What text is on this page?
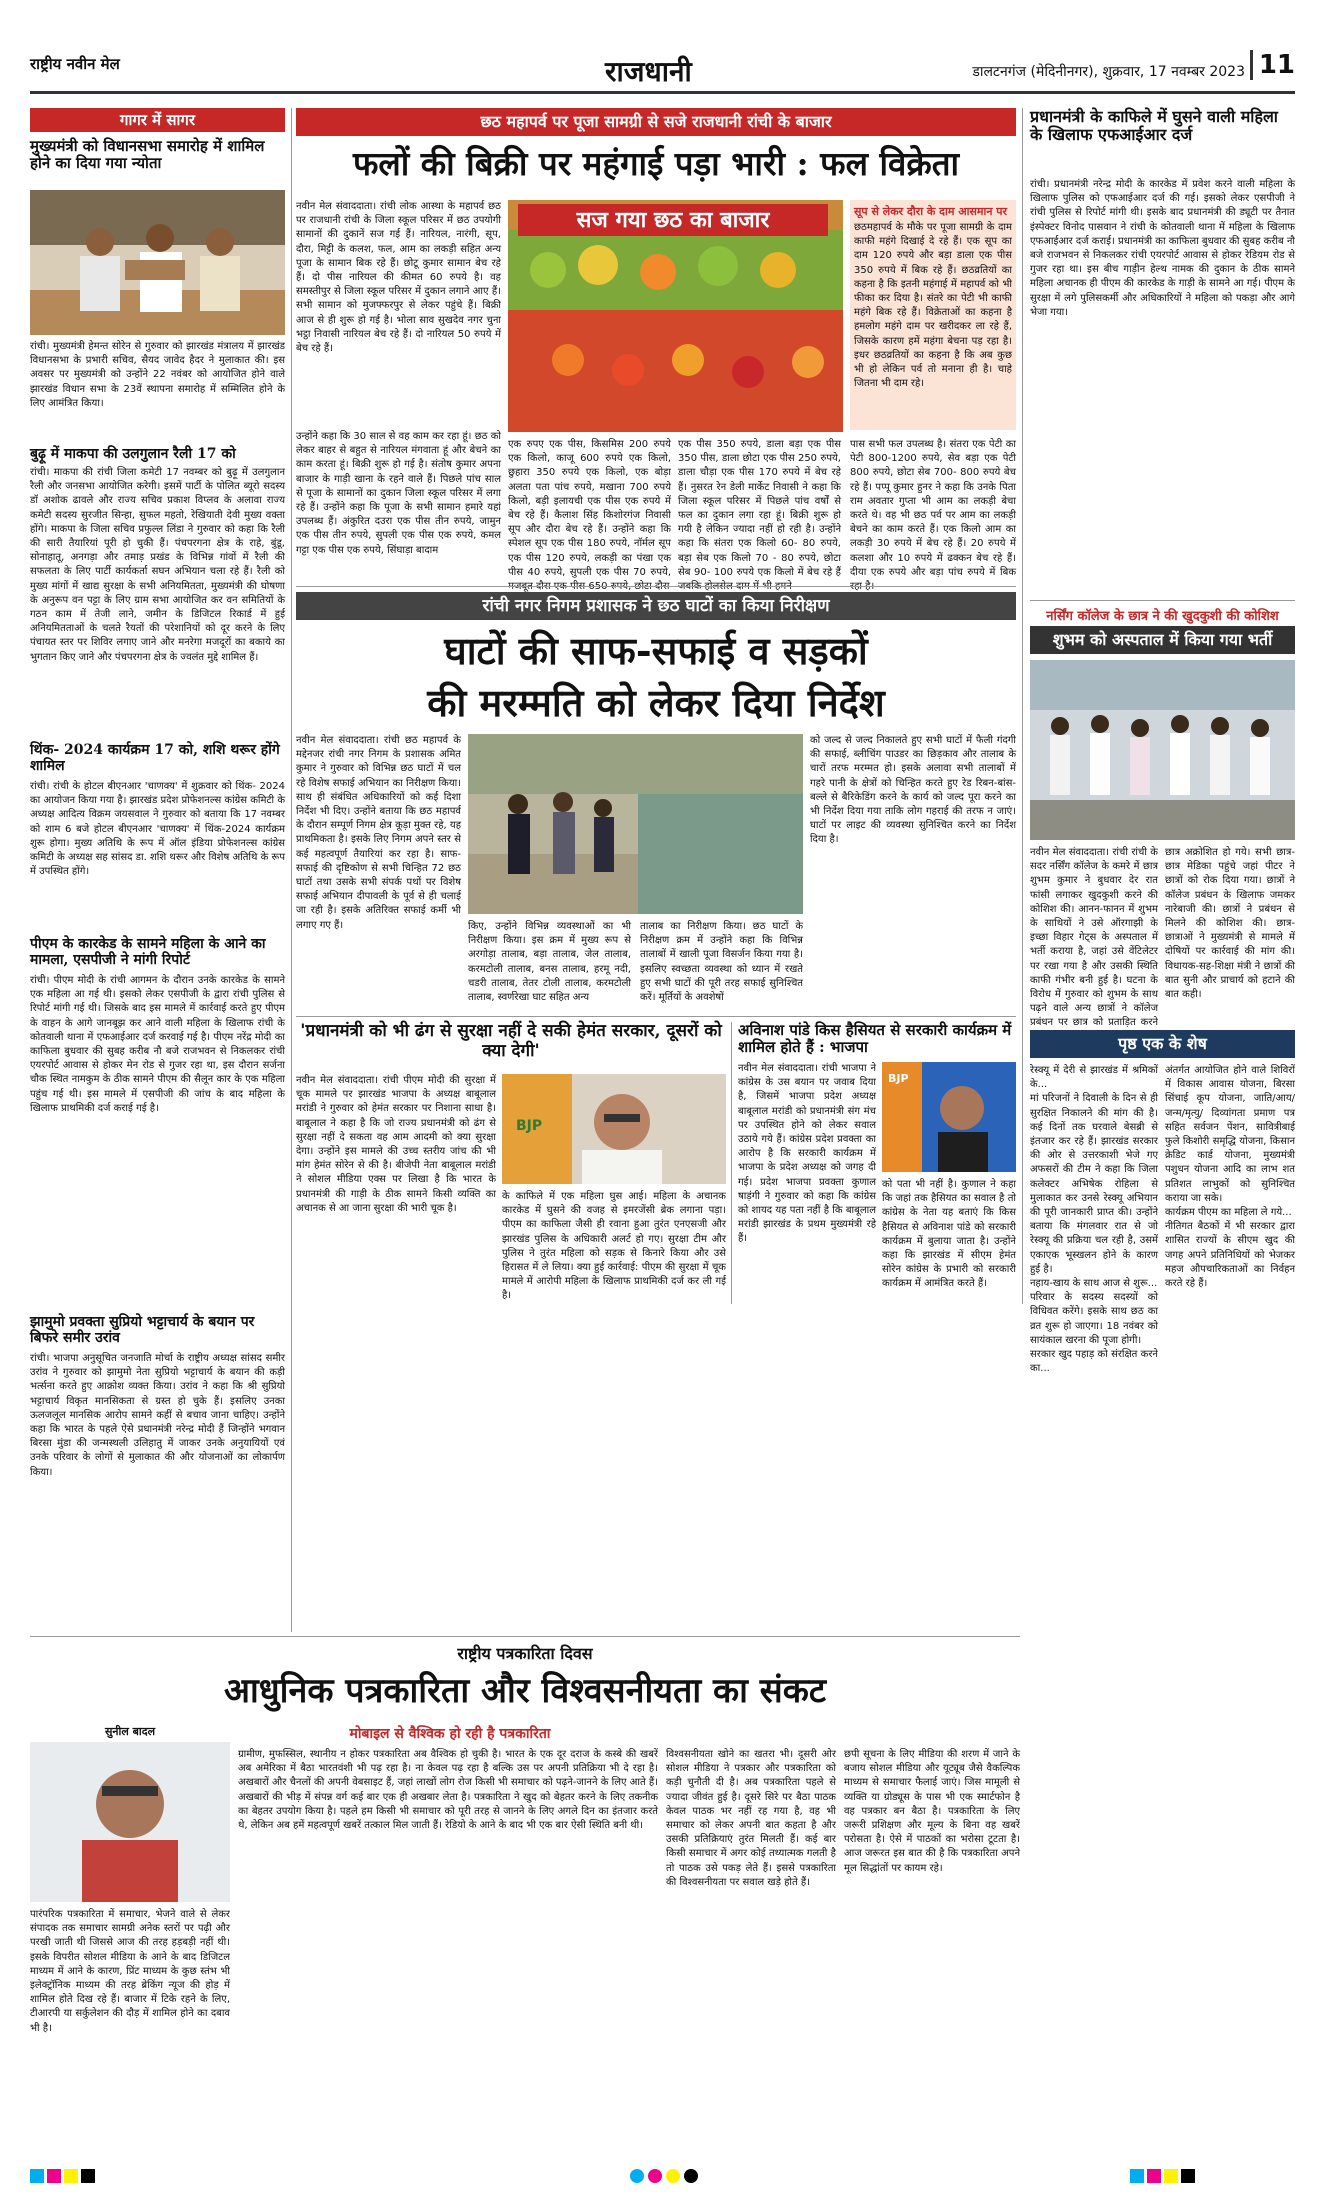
राष्ट्रीय नवीन मेल	राजधानी	डालटनगंज (मेदिनीनगर), शुक्रवार, 17 नवम्बर 2023 11
गागर में सागर
मुख्यमंत्री को विधानसभा समारोह में शामिल होने का दिया गया न्योता
रांची। मुख्यमंत्री हेमन्त सोरेन से गुरुवार को झारखंड मंत्रालय में झारखंड विधानसभा के प्रभारी सचिव, सैयद जावेद हैदर ने मुलाकात की। इस अवसर पर मुख्यमंत्री को उन्होंने 22 नवंबर को आयोजित होने वाले झारखंड विधान सभा के 23वें स्थापना समारोह में सम्मिलित होने के लिए आमंत्रित किया।
बुढ़ू में माकपा की उलगुलान रैली 17 को
रांची। माकपा की रांची जिला कमेटी 17 नवम्बर को बुढ़ू में उलगुलान रैली और जनसभा आयोजित करेगी। इसमें पार्टी के पोलित ब्यूरो सदस्य डॉ अशोक ढावले और राज्य सचिव प्रकाश विप्लव के अलावा राज्य कमेटी सदस्य सुरजीत सिन्हा, सुफल महतो, रेखियाती देवी मुख्य वक्ता होंगे। माकपा के जिला सचिव प्रफुल्ल लिंडा ने गुरुवार को कहा कि रैली की सारी तैयारियां पूरी हो चुकी हैं। पंचपरगना क्षेत्र के राहे, बुंडू, सोनाहातू, अनगड़ा और तमाड़ प्रखंड के विभिन्न गांवों में रैली की सफलता के लिए पार्टी कार्यकर्ता सघन अभियान चला रहे हैं। रैली को मुख्य मांगों में खाद्य सुरक्षा के सभी अनियमितता, मुख्यमंत्री की घोषणा के अनुरूप वन पट्टा के लिए ग्राम सभा आयोजित कर वन समितियों के गठन काम में तेजी लाने, जमीन के डिजिटल रिकार्ड में हुई अनियमितताओं के चलते रैयतों की परेशानियों को दूर करने के लिए पंचायत स्तर पर शिविर लगाए जाने और मनरेगा मजदूरों का बकाये का भुगतान किए जाने और पंचपरगना क्षेत्र के ज्वलंत मुद्दे शामिल हैं।
थिंक- 2024 कार्यक्रम 17 को, शशि थरूर होंगे शामिल
रांची। रांची के होटल बीएनआर 'चाणक्य' में शुक्रवार को थिंक- 2024 का आयोजन किया गया है। झारखंड प्रदेश प्रोफेशनल्स कांग्रेस कमिटी के अध्यक्ष आदित्य विक्रम जयसवाल ने गुरुवार को बताया कि 17 नवम्बर को शाम 6 बजे होटल बीएनआर 'चाणक्य' में थिंक-2024 कार्यक्रम शुरू होगा। मुख्य अतिथि के रूप में ऑल इंडिया प्रोफेशनल्स कांग्रेस कमिटी के अध्यक्ष सह सांसद डा. शशि थरूर और विशेष अतिथि के रूप में उपस्थित होंगे।
पीएम के कारकेड के सामने महिला के आने का मामला, एसपीजी ने मांगी रिपोर्ट
रांची। पीएम मोदी के रांची आगमन के दौरान उनके कारकेड के सामने एक महिला आ गई थी। इसको लेकर एसपीजी के द्वारा रांची पुलिस से रिपोर्ट मांगी गई थी। जिसके बाद इस मामले में कार्रवाई करते हुए पीएम के वाहन के आगे जानबूझ कर आने वाली महिला के खिलाफ रांची के कोतवाली थाना में एफआईआर दर्ज करवाई गई है। पीएम नरेंद्र मोदी का काफिला बुधवार की सुबह करीब नौ बजे राजभवन से निकलकर रांची एयरपोर्ट आवास से होकर मेन रोड से गुजर रहा था, इस दौरान सर्जना चौक स्थित नामकुम के ठीक सामने पीएम की सैलून कार के एक महिला पहुंच गई थी। इस मामले में एसपीजी की जांच के बाद महिला के खिलाफ प्राथमिकी दर्ज कराई गई है।
झामुमो प्रवक्ता सुप्रियो भट्टाचार्य के बयान पर बिफरे समीर उरांव
रांची। भाजपा अनुसूचित जनजाति मोर्चा के राष्ट्रीय अध्यक्ष सांसद समीर उरांव ने गुरुवार को झामुमो नेता सुप्रियो भट्टाचार्य के बयान की कड़ी भर्त्सना करते हुए आक्रोश व्यक्त किया। उरांव ने कहा कि श्री सुप्रियो भट्टाचार्य विकृत मानसिकता से ग्रस्त हो चुके हैं। इसलिए उनका ऊलजलूल मानसिक आरोप सामने कहीं से बचाव जाना चाहिए। उन्होंने कहा कि भारत के पहले ऐसे प्रधानमंत्री नरेन्द्र मोदी हैं जिन्होंने भगवान बिरसा मुंडा की जन्मस्थली उलिहातु में जाकर उनके अनुयायियों एवं उनके परिवार के लोगों से मुलाकात की और योजनाओं का लोकार्पण किया।
छठ महापर्व पर पूजा सामग्री से सजे राजधानी रांची के बाजार
फलों की बिक्री पर महंगाई पड़ा भारी : फल विक्रेता
नवीन मेल संवाददाता। रांची लोक आस्था के महापर्व छठ पर राजधानी रांची के जिला स्कूल परिसर में छठ उपयोगी सामानों की दुकानें सज गई हैं। नारियल, नारंगी, सूप, दौरा, मिट्टी के कलश, फल, आम का लकड़ी सहित अन्य पूजा के सामान बिक रहे हैं। छोटू कुमार सामान बेच रहे हैं। दो पीस नारियल की कीमत 60 रुपये है। वह समस्तीपुर से जिला स्कूल परिसर में दुकान लगाने आए हैं। सभी सामान को मुजफ्फरपुर से लेकर पहुंचे हैं। बिक्री आज से ही शुरू हो गई है। भोला साव सुखदेव नगर चुना भट्ठा निवासी नारियल बेच रहे हैं। दो नारियल 50 रुपये में बेच रहे हैं।
सज गया छठ का बाजार
उन्होंने कहा कि 30 साल से वह काम कर रहा हूं। छठ को लेकर बाहर से बहुत से नारियल मंगवाता हूं और बेचने का काम करता हूं। बिक्री शुरू हो गई है। संतोष कुमार अपना बाजार के गाड़ी खाना के रहने वाले हैं। पिछले पांच साल से पूजा के सामानों का दुकान जिला स्कूल परिसर में लगा रहे हैं। उन्होंने कहा कि पूजा के सभी सामान हमारे यहां उपलब्ध हैं। अंकुरित दउरा एक पीस तीन रुपये, जामुन एक पीस तीन रुपये, सुपली एक पीस एक रुपये, कमल गट्टा एक पीस एक रुपये, सिंघाड़ा बादाम
एक रुपए एक पीस, किसमिस 200 रुपये एक किलो, काजू 600 रुपये एक किलो, छुहारा 350 रुपये एक किलो, एक बोड़ा अलता पता पांच रुपये, मखाना 700 रुपये किलो, बड़ी इलायची एक पीस एक रुपये में बेच रहे हैं। कैलाश सिंह किशोरगंज निवासी सूप और दौरा बेच रहे हैं। उन्होंने कहा कि स्पेशल सूप एक पीस 180 रुपये, नॉर्मल सूप एक पीस 120 रुपये, लकड़ी का पंखा एक पीस 40 रुपये, सुपली एक पीस 70 रुपये,
एक पीस 350 रुपये, डाला बड़ा एक पीस 350 पीस, डाला छोटा एक पीस 250 रुपये, डाला चौड़ा एक पीस 170 रुपये में बेच रहे हैं। नुसरत रेन डेली मार्केट निवासी ने कहा कि जिला स्कूल परिसर में पिछले पांच वर्षों से फल का दुकान लगा रहा हूं। बिक्री शुरू हो गयी है लेकिन ज्यादा नहीं हो रही है। उन्होंने कहा कि संतरा एक किलो 60- 80 रुपये, बड़ा सेब एक किलो 70 - 80 रुपये, छोटा सेब 90- 100 रुपये एक किलो में बेच रहे हैं
सूप से लेकर दौरा के दाम आसमान पर
छठमहापर्व के मौके पर पूजा सामग्री के दाम काफी महंगे दिखाई दे रहे हैं। एक सूप का दाम 120 रुपये और बड़ा डाला एक पीस 350 रुपये में बिक रहे हैं। छठव्रतियों का कहना है कि इतनी महंगाई में महापर्व को भी फीका कर दिया है। संतरे का पेटी भी काफी महंगे बिक रहे हैं। विक्रेताओं का कहना है हमलोग महंगे दाम पर खरीदकर ला रहे हैं, जिसके कारण हमें महंगा बेचना पड़ रहा है। इधर छठव्रतियों का कहना है कि अब कुछ भी हो लेकिन पर्व तो मनाना ही है। चाहे जितना भी दाम रहे।
पास सभी फल उपलब्ध है। संतरा एक पेटी का पेटी 800-1200 रुपये, सेव बड़ा एक पेटी 800 रुपये, छोटा सेब 700- 800 रुपये बेच रहे हैं। पप्पू कुमार हुनर ने कहा कि उनके पिता राम अवतार गुप्ता भी आम का लकड़ी बेचा करते थे। वह भी छठ पर्व पर आम का लकड़ी बेचने का काम करते हैं। एक किलो आम का लकड़ी 30 रुपये में बेच रहे हैं। 20 रुपये में कलशा और 10 रुपये में ढक्कन बेच रहे हैं। दीया एक रुपये और बड़ा पांच रुपये में बिक
प्रधानमंत्री के काफिले में घुसने वाली महिला के खिलाफ एफआईआर दर्ज
रांची। प्रधानमंत्री नरेन्द्र मोदी के कारकेड में प्रवेश करने वाली महिला के खिलाफ पुलिस को एफआईआर दर्ज की गई। इसको लेकर एसपीजी ने रांची पुलिस से रिपोर्ट मांगी थी। इसके बाद प्रधानमंत्री की ड्यूटी पर तैनात इंस्पेक्टर विनोद पासवान ने रांची के कोतवाली थाना में महिला के खिलाफ एफआईआर दर्ज कराई। प्रधानमंत्री का काफिला बुधवार की सुबह करीब नौ बजे राजभवन से निकलकर रांची एयरपोर्ट आवास से होकर रेडियम रोड से गुजर रहा था। इस बीच गाड़ीन हेल्थ नामक की दुकान के ठीक सामने महिला अचानक ही पीएम की कारकेड के गाड़ी के सामने आ गई। पीएम के सुरक्षा में लगे पुलिसकर्मी और अधिकारियों ने महिला को पकड़ा और आगे भेजा गया।
रांची नगर निगम प्रशासक ने छठ घाटों का किया निरीक्षण
घाटों की साफ-सफाई व सड़कों
की मरम्मति को लेकर दिया निर्देश
नवीन मेल संवाददाता। रांची छठ महापर्व के मद्देनजर रांची नगर निगम के प्रशासक अमित कुमार ने गुरुवार को विभिन्न छठ घाटों में चल रहे विशेष सफाई अभियान का निरीक्षण किया। साथ ही संबंधित अधिकारियों को कई दिशा निर्देश भी दिए। उन्होंने बताया कि छठ महापर्व के दौरान सम्पूर्ण निगम क्षेत्र कूड़ा मुक्त रहे, यह प्राथमिकता है। इसके लिए निगम अपने स्तर से कई महत्वपूर्ण तैयारियां कर रहा है। साफ-सफाई की दृष्टिकोण से सभी चिन्हित 72 छठ घाटों तथा उसके सभी संपर्क पथों पर विशेष सफाई अभियान दीपावली के पूर्व से ही चलाई जा रही है। इसके अतिरिक्त सफाई कर्मी भी लगाए गए हैं।	किए, उन्होंने विभिन्न व्यवस्थाओं का भी निरीक्षण किया। इस क्रम में मुख्य रूप से अरगोड़ा तालाब, बड़ा तालाब, जेल तालाब, करमटोली तालाब, बनस तालाब, हरमू नदी, चडरी तालाब, तेतर टोली तालाब, करमटोली तालाब, स्वर्णरेखा घाट सहित अन्य
तालाब का निरीक्षण किया। छठ घाटों के निरीक्षण क्रम में उन्होंने कहा कि विभिन्न तालाबों में खाली पूजा विसर्जन किया गया है। इसलिए स्वच्छता व्यवस्था को ध्यान में रखते हुए सभी घाटों की पूरी तरह सफाई सुनिश्चित करें। मूर्तियों के अवशेषों
को जल्द से जल्द निकालते हुए सभी घाटों में फैली गंदगी की सफाई, ब्लीचिंग पाउडर का छिड़काव और तालाब के चारों तरफ मरम्मत हो। इसके अलावा सभी तालाबों में गहरे पानी के क्षेत्रों को चिन्हित करते हुए रेड रिबन-बांस-बल्ले से बैरिकेडिंग करने के कार्य को जल्द पूरा करने का भी निर्देश दिया गया ताकि लोग गहराई की तरफ न जाएं। घाटों पर लाइट की व्यवस्था सुनिश्चित करने का निर्देश दिया है।
नर्सिंग कॉलेज के छात्र ने की खुदकुशी की कोशिश
शुभम को अस्पताल में किया गया भर्ती
नवीन मेल संवाददाता। रांची रांची के सदर नर्सिंग कॉलेज के कमरे में छात्र शुभम कुमार ने बुधवार देर रात फांसी लगाकर खुदकुशी करने की कोशिश की। आनन-फानन में शुभम के साथियों ने उसे ऑरगाझी के इच्छा विहार गेट्स के अस्पताल में भर्ती कराया है, जहां उसे वेंटिलेटर पर रखा गया है और उसकी स्थिति काफी गंभीर बनी हुई है। घटना के विरोध में गुरुवार को शुभम के साथ पढ़ने वाले अन्य छात्रों ने कॉलेज प्रबंधन पर छात्र को प्रताड़ित करने
छात्र अक्रोशित हो गये। सभी छात्र-छात्र मेडिका पहुंचे जहां पीटर ने छात्रों को रोक दिया गया। छात्रों ने कॉलेज प्रबंधन के खिलाफ जमकर नारेबाजी की। छात्रों ने प्रबंधन से मिलने की कोशिश की। छात्र-छात्राओं ने मुख्यमंत्री से मामले में दोषियों पर कार्रवाई की मांग की। विधायक-सह-शिक्षा मंत्री ने छात्रों की बात सुनी और प्राचार्य को हटाने की बात कही।
'प्रधानमंत्री को भी ढंग से सुरक्षा नहीं दे सकी हेमंत सरकार, दूसरों को क्या देगी'
नवीन मेल संवाददाता। रांची पीएम मोदी की सुरक्षा में चूक मामले पर झारखंड भाजपा के अध्यक्ष बाबूलाल मरांडी ने गुरुवार को हेमंत सरकार पर निशाना साधा है। बाबूलाल ने कहा है कि जो राज्य प्रधानमंत्री को ढंग से सुरक्षा नहीं दे सकता वह आम आदमी को क्या सुरक्षा देगा। उन्होंने इस मामले की उच्च स्तरीय जांच की भी मांग हेमंत सोरेन से की है। बीजेपी नेता बाबूलाल मरांडी ने सोशल मीडिया एक्स पर लिखा है कि भारत के प्रधानमंत्री की गाड़ी के ठीक सामने किसी व्यक्ति का अचानक से आ जाना सुरक्षा की भारी चूक है।
BJP
के काफिले में एक महिला घुस आई। महिला के अचानक कारकेड में घुसने की वजह से इमरजेंसी ब्रेक लगाना पड़ा। पीएम का काफिला जैसी ही रवाना हुआ तुरंत एनएसजी और झारखंड पुलिस के अधिकारी अलर्ट हो गए। सुरक्षा टीम और पुलिस ने तुरंत महिला को सड़क से किनारे किया और उसे हिरासत में ले लिया। क्या हुई कार्रवाई: पीएम की सुरक्षा में चूक मामले में आरोपी महिला के खिलाफ प्राथमिकी दर्ज कर ली गई है।
अविनाश पांडे किस हैसियत से सरकारी कार्यक्रम में शामिल होते हैं : भाजपा
नवीन मेल संवाददाता। रांची भाजपा ने कांग्रेस के उस बयान पर जवाब दिया है, जिसमें भाजपा प्रदेश अध्यक्ष बाबूलाल मरांडी को प्रधानमंत्री संग मंच पर उपस्थित होने को लेकर सवाल उठाये गये हैं। कांग्रेस प्रदेश प्रवक्ता का आरोप है कि सरकारी कार्यक्रम में भाजपा के प्रदेश अध्यक्ष को जगह दी गई। प्रदेश भाजपा प्रवक्ता कुणाल षाड़ंगी ने गुरुवार को कहा कि कांग्रेस को शायद यह पता नहीं है कि बाबूलाल मरांडी झारखंड के प्रथम मुख्यमंत्री रहे हैं।
BJP
को पता भी नहीं है। कुणाल ने कहा कि जहां तक हैसियत का सवाल है तो कांग्रेस के नेता यह बताएं कि किस हैसियत से अविनाश पांडे को सरकारी कार्यक्रम में बुलाया जाता है। उन्होंने कहा कि झारखंड में सीएम हेमंत सोरेन कांग्रेस के प्रभारी को सरकारी कार्यक्रम में आमंत्रित करते हैं।
पृष्ठ एक के शेष
रेस्क्यू में देरी से झारखंड में श्रमिकों के...
मां परिजनों ने दिवाली के दिन से ही सुरक्षित निकालने की मांग की है। कई दिनों तक घरवाले बेसब्री से इंतजार कर रहे हैं। झारखंड सरकार की ओर से उत्तरकाशी भेजे गए अफसरों की टीम ने कहा कि जिला कलेक्टर अभिषेक रोहिला से मुलाकात कर उनसे रेस्क्यू अभियान की पूरी जानकारी प्राप्त की। उन्होंने बताया कि मंगलवार रात से जो रेस्क्यू की प्रक्रिया चल रही है, उसमें एकाएक भूस्खलन होने के कारण हुई है।
नहाय-खाय के साथ आज से शुरू...
परिवार के सदस्य सदस्यों को विधिवत करेंगे। इसके साथ छठ का व्रत शुरू हो जाएगा। 18 नवंबर को सायंकाल खरना की पूजा होगी।
सरकार खुद पहाड़ को संरक्षित करने का...
अंतर्गत आयोजित होने वाले शिविरों में विकास आवास योजना, बिरसा सिंचाई कूप योजना, जाति/आय/जन्म/मृत्यु/ दिव्यांगता प्रमाण पत्र सहित सर्वजन पेंशन, सावित्रीबाई फुले किशोरी समृद्धि योजना, किसान क्रेडिट कार्ड योजना, मुख्यमंत्री पशुधन योजना आदि का लाभ शत प्रतिशत लाभुकों को सुनिश्चित कराया जा सके।
कार्यक्रम पीएम का महिला ले गये...
नीतिगत बैठकों में भी सरकार द्वारा शासित राज्यों के सीएम खुद की जगह अपने प्रतिनिधियों को भेजकर महज औपचारिकताओं का निर्वहन करते रहे हैं।
राष्ट्रीय पत्रकारिता दिवस
आधुनिक पत्रकारिता और विश्वसनीयता का संकट
मोबाइल से वैश्विक हो रही है पत्रकारिता
सुनील बादल
पारंपरिक पत्रकारिता में समाचार, भेजने वाले से लेकर संपादक तक समाचार सामग्री अनेक स्तरों पर पढ़ी और परखी जाती थी जिससे आज की तरह हड़बड़ी नहीं थी। इसके विपरीत सोशल मीडिया के आने के बाद डिजिटल माध्यम में आने के कारण, प्रिंट माध्यम के कुछ स्तंभ भी इलेक्ट्रॉनिक माध्यम की तरह ब्रेकिंग न्यूज की होड़ में शामिल होते दिख रहे हैं। बाजार में टिके रहने के लिए, टीआरपी या सर्कुलेशन की दौड़ में शामिल होने का दबाव भी है।
ग्रामीण, मुफस्सिल, स्थानीय न होकर पत्रकारिता अब वैश्विक हो चुकी है। भारत के एक दूर दराज के कस्बे की खबरें अब अमेरिका में बैठा भारतवंशी भी पढ़ रहा है। ना केवल पढ़ रहा है बल्कि उस पर अपनी प्रतिक्रिया भी दे रहा है। अखबारों और चैनलों की अपनी वेबसाइट हैं, जहां लाखों लोग रोज किसी भी समाचार को पढ़ने-जानने के लिए आते हैं। अखबारों की भीड़ में संपन्न वर्ग कई बार एक ही अखबार लेता है। पत्रकारिता ने खुद को बेहतर करने के लिए तकनीक का बेहतर उपयोग किया है। पहले हम किसी भी समाचार को पूरी तरह से जानने के लिए अगले दिन का इंतजार करते थे, लेकिन अब हमें महत्वपूर्ण खबरें तत्काल मिल जाती हैं। रेडियो के आने के बाद भी एक बार ऐसी स्थिति बनी थी।
विश्वसनीयता खोने का खतरा भी। दूसरी ओर सोशल मीडिया ने पत्रकार और पत्रकारिता को कड़ी चुनौती दी है। अब पत्रकारिता पहले से ज्यादा जीवंत हुई है। दूसरे सिरे पर बैठा पाठक केवल पाठक भर नहीं रह गया है, वह भी समाचार को लेकर अपनी बात कहता है और उसकी प्रतिक्रियाएं तुरंत मिलती हैं। कई बार किसी समाचार में अगर कोई तथ्यात्मक गलती है तो पाठक उसे पकड़ लेते हैं। इससे पत्रकारिता की विश्वसनीयता पर सवाल खड़े होते हैं।
छपी सूचना के लिए मीडिया की शरण में जाने के बजाय सोशल मीडिया और यूट्यूब जैसे वैकल्पिक माध्यम से समाचार फैलाई जाएं। जिस मामूली से व्यक्ति या ग्रोड्यूस के पास भी एक स्मार्टफोन है वह पत्रकार बन बैठा है। पत्रकारिता के लिए जरूरी प्रशिक्षण और मूल्य के बिना वह खबरें परोसता है। ऐसे में पाठकों का भरोसा टूटता है। आज जरूरत इस बात की है कि पत्रकारिता अपने मूल सिद्धांतों पर कायम रहे।
